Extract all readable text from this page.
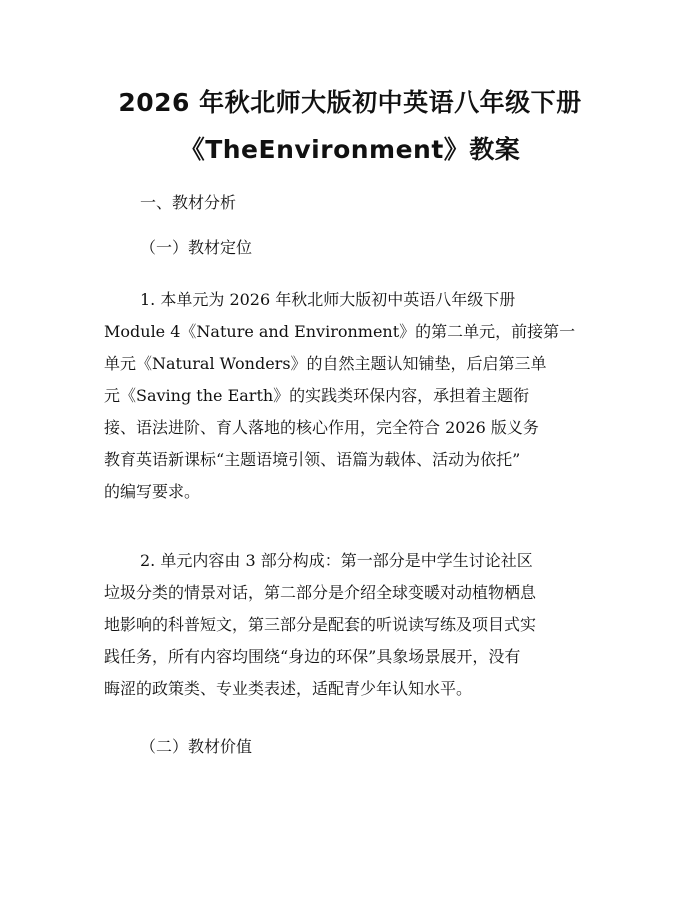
2026 年秋北师大版初中英语八年级下册
《TheEnvironment》教案
一、教材分析
（一）教材定位
1. 本单元为 2026 年秋北师大版初中英语八年级下册
Module 4《Nature and Environment》的第二单元，前接第一
单元《Natural Wonders》的自然主题认知铺垫，后启第三单
元《Saving the Earth》的实践类环保内容，承担着主题衔
接、语法进阶、育人落地的核心作用，完全符合 2026 版义务
教育英语新课标“主题语境引领、语篇为载体、活动为依托”
的编写要求。
2. 单元内容由 3 部分构成：第一部分是中学生讨论社区
垃圾分类的情景对话，第二部分是介绍全球变暖对动植物栖息
地影响的科普短文，第三部分是配套的听说读写练及项目式实
践任务，所有内容均围绕“身边的环保”具象场景展开，没有
晦涩的政策类、专业类表述，适配青少年认知水平。
（二）教材价值
